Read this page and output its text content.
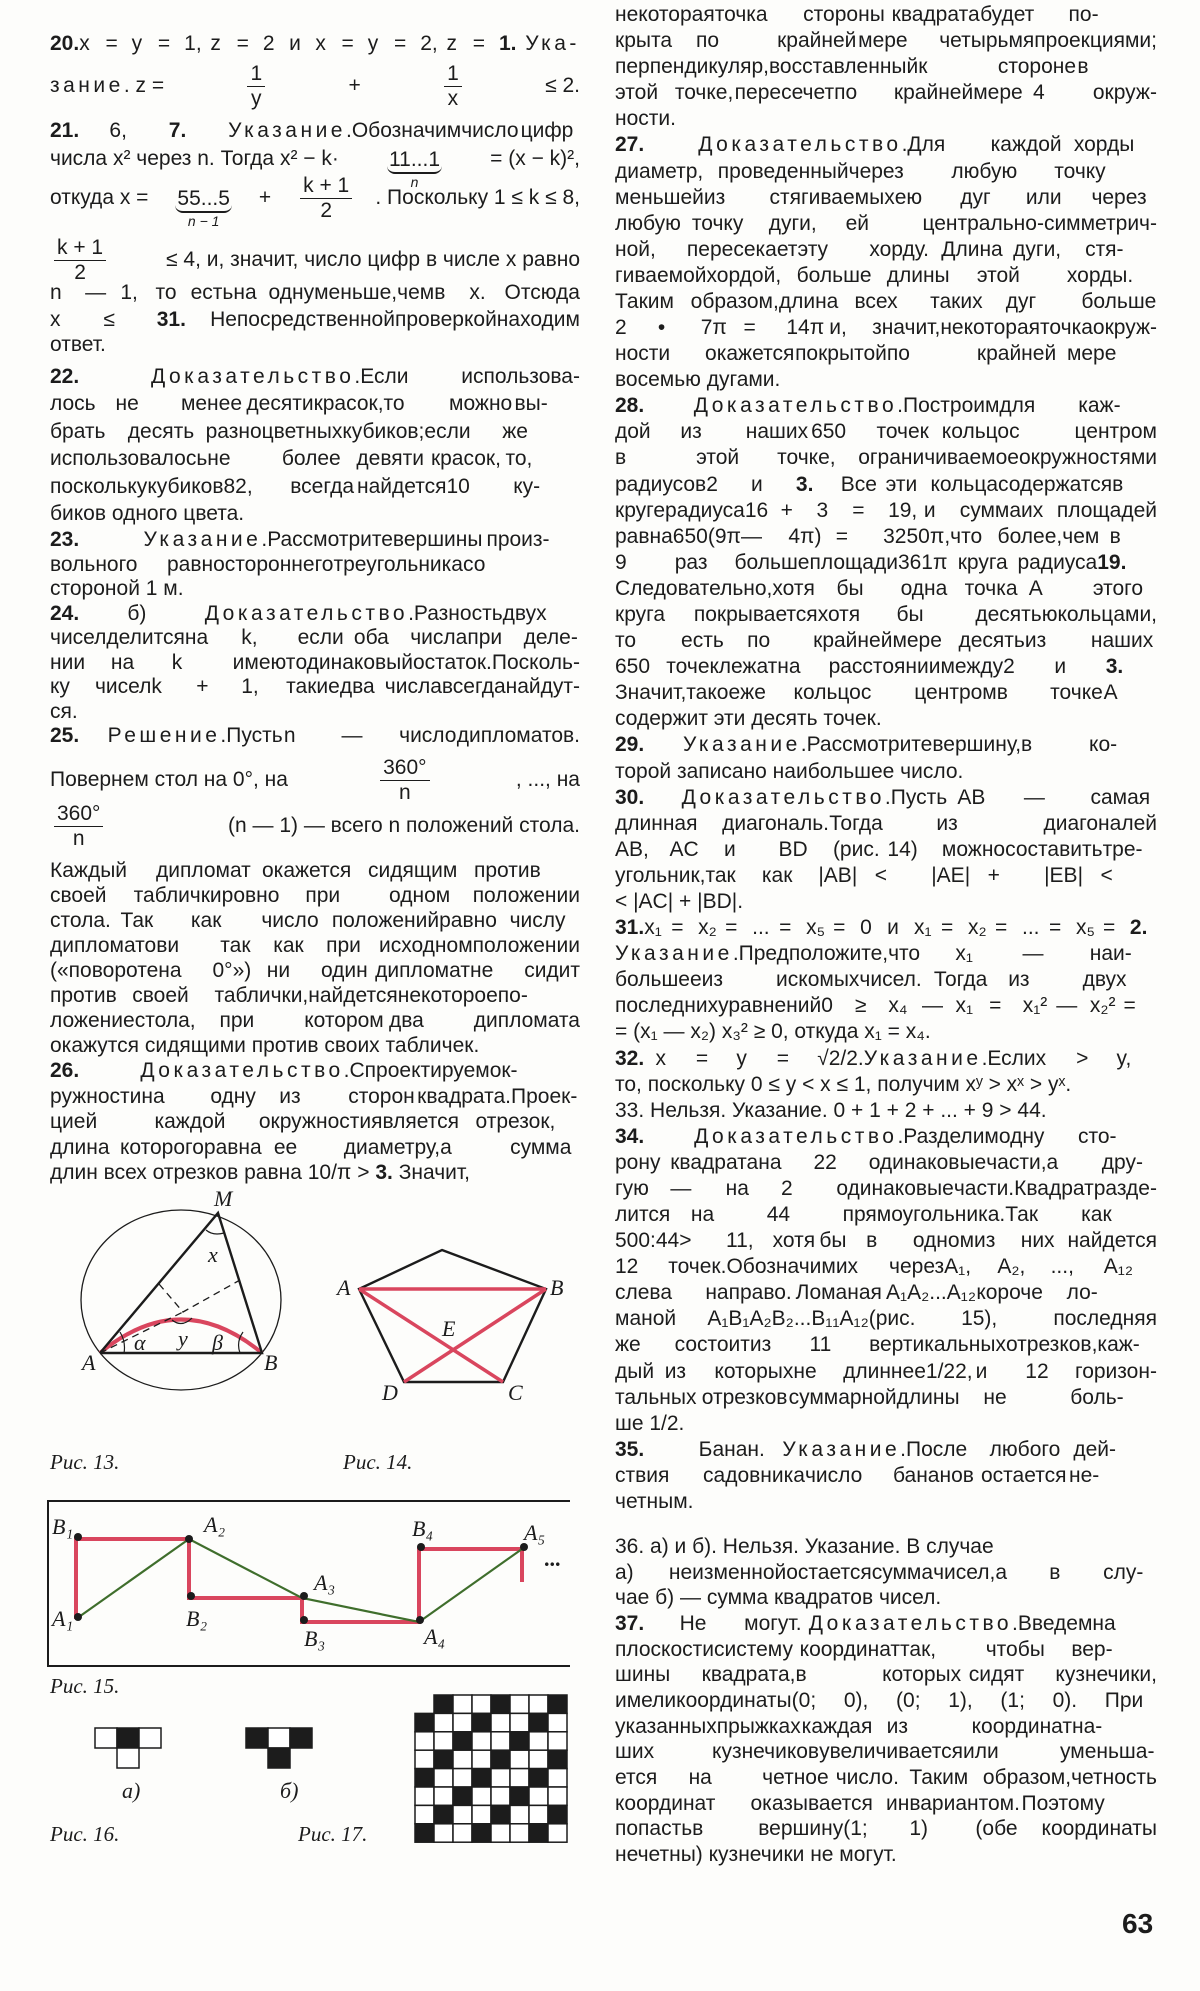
20. x = y = 1, z = 2 и x = y = 2, z = 1. Ука-
зание. z =	$\frac{1}{y}$	+	$\frac{1}{x}$	≤ 2.
21. 6,	7. Указание . Обозначим число цифр
числа x² через n. Тогда x² − k· 11...1
n
= (x − k)²,
откуда x = 55...5
n − 1
+ $\frac{k + 1}{2}$ . Поскольку 1 ≤ k ≤ 8,
$\frac{k + 1}{2}$	≤ 4, и, значит, число цифр в числе x равно
n	— 1, то есть на одну меньше, чем в	x. Отсюда
x	≤	31. Непосредственной проверкой находим
ответ.
22.	Доказательство . Если	использова-
лось не	менее десяти красок, то	можно вы-
брать	десять разноцветных кубиков; если	же
использовалось не	более девяти красок, то,
поскольку кубиков 82,	всегда найдется 10	ку-
биков одного цвета.
23.	Указание . Рассмотрите вершины произ-
вольного	равностороннего треугольника со
стороной 1 м.
24. б)	Доказательство . Разность двух
чисел делится на	k,	если оба	числа при	деле-
нии	на	k	имеют одинаковый остаток. Посколь-
ку	чисел k	+	1,	такие два числа всегда найдут-
ся.
25. Решение . Пусть n	—	число дипломатов.
Повернем стол на 0°, на	$\frac{360^\circ}{n}$	, ..., на
$\frac{360^\circ}{n}$	(n — 1) — всего n положений стола.
Каждый	дипломат окажется сидящим против
своей	таблички ровно	при	одном	положении
стола. Так	как	число положений равно числу
дипломатов и	так	как	при исходном положении
(«повороте на	0°») ни	один дипломат не	сидит
против своей	таблички, найдется некоторое по-
ложение стола,	при	котором два	дипломата
окажутся сидящими против своих табличек.
26.	Доказательство . Спроектируем ок-
ружности на	одну	из	сторон квадрата. Проек-
цией	каждой	окружности является отрезок,
длина которого равна ее	диаметру, а	сумма
длин всех отрезков равна 10/π > 3. Значит,
некоторая точка	стороны квадрата будет	по-
крыта	по	крайней мере	четырьмя проекциями;
перпендикуляр, восставленный к	стороне в
этой точке, пересечет по	крайней мере 4	окруж-
ности.
27.	Доказательство . Для	каждой хорды
диаметр, проведенный через	любую	точку
меньшей из	стягиваемых ею	дуг	или	через
любую точку	дуги,	ей	центрально-симметрич-
ной,	пересекает эту	хорду. Длина дуги,	стя-
гиваемой хордой, больше длины	этой	хорды.
Таким образом, длина всех	таких	дуг	больше
2	•	7π =	14π и,	значит, некоторая точка окруж-
ности	окажется покрытой по	крайней мере
восемью дугами.
28. Доказательство . Построим для	каж-
дой	из	наших 650	точек кольцо с	центром
в	этой	точке,	ограничиваемое окружностями
радиусов 2	и	3. Все эти кольца содержатся в
круге радиуса 16 +	3	=	19, и	сумма их площадей
равна 650(9π —	4π) =	3250π, что более, чем в
9	раз	больше площади 361π круга радиуса 19.
Следовательно, хотя	бы	одна точка A	этого
круга	покрывается хотя	бы	десятью кольцами,
то	есть	по	крайней мере десять из	наших
650 точек лежат на	расстоянии между 2	и	3.
Значит, такое же	кольцо с	центром в	точке A
содержит эти десять точек.
29. Указание . Рассмотрите вершину, в	ко-
торой записано наибольшее число.
30. Доказательство . Пусть AB	—	самая
длинная	диагональ. Тогда	из	диагоналей
AB, AC	и	BD	(рис. 14)	можно составить тре-
угольник, так	как	|AB| <	|AE| +	|EB| <
< |AC| + |BD|.
31. x₁ = x₂ = ... = x₅ = 0 и x₁ = x₂ = ... = x₅ = 2.
Указание . Предположите, что	x₁	—	наи-
большее из	искомых чисел. Тогда из	двух
последних уравнений 0	≥	x₄ — x₁ =	x₁² — x₂² =
= (x₁ — x₂) x₃² ≥ 0, откуда x₁ = x₄.
32. x	=	y	=	√2/2. Указание . Если x	>	y,
то, поскольку 0 ≤ y < x ≤ 1, получим xʸ > xˣ > yˣ.
33. Нельзя. Указание. 0 + 1 + 2 + ... + 9 > 44.
34. Доказательство . Разделим одну	сто-
рону квадрата на	22	одинаковые части, а	дру-
гую	—	на	2	одинаковые части. Квадрат разде-
лится на	44	прямоугольника. Так	как
500:44 >	11, хотя бы в	одном из	них найдется
12	точек. Обозначим их	через A₁,	A₂,	...,	A₁₂
слева	направо. Ломаная A₁A₂...A₁₂ короче	ло-
маной	A₁B₁A₂B₂...B₁₁A₁₂ (рис.	15),	последняя
же	состоит из	11	вертикальных отрезков, каж-
дый из	которых не	длиннее 1/22, и	12	горизон-
тальных отрезков суммарной длины	не	боль-
ше 1/2.
35.	Банан. Указание . После	любого дей-
ствия	садовника число	бананов остается не-
четным.
M
x
α y β
A	B
A	B
C
D
E
B₁
A₁
A₂
B₂
A₃
B₃	A₄
B₄	A₅
...
а)	б)
Рис. 13.	Рис. 14.
Рис. 15.
Рис. 16.	Рис. 17.
63
36. а) и б). Нельзя. Указание. В случае
а)	неизменной остается сумма чисел, а	в	слу-
чае б) — сумма квадратов чисел.
37. Не	могут. Доказательство . Введем на
плоскости систему координат так,	чтобы	вер-
шины	квадрата, в	которых сидят	кузнечики,
имели координаты (0;	0),	(0;	1),	(1;	0).	При
указанных прыжках каждая из	координат на-
ших	кузнечиков увеличивается или	уменьша-
ется	на	четное число. Таким образом, четность
координат	оказывается инвариантом. Поэтому
попасть в	вершину (1;	1)	(обе	координаты
нечетны) кузнечики не могут.
